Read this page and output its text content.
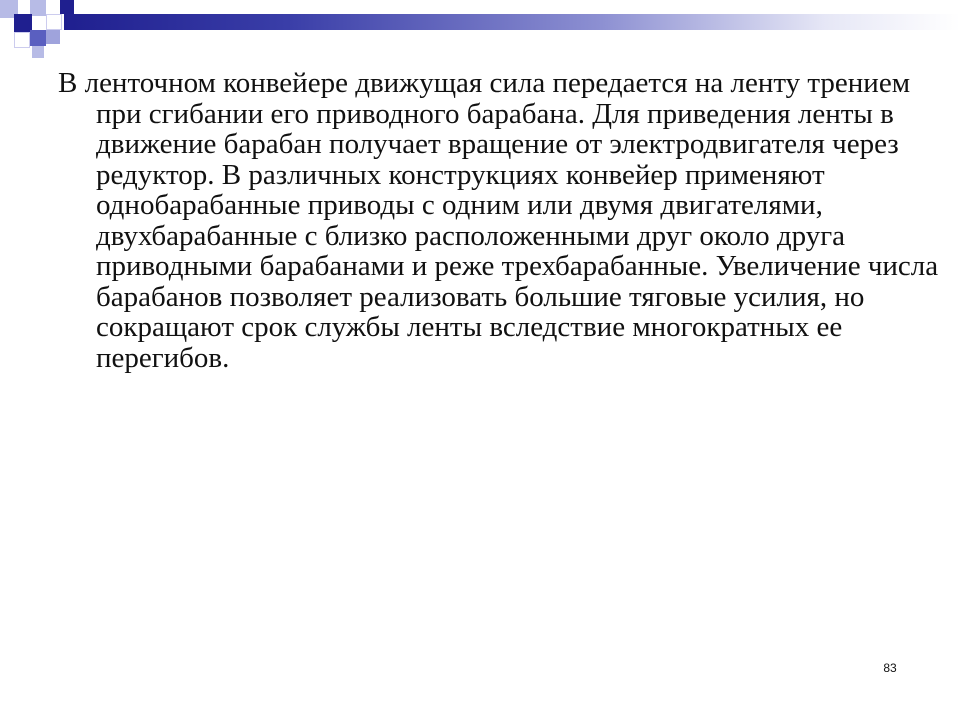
В ленточном конвейере движущая сила передается на ленту трением при сгибании его приводного барабана. Для приведения ленты в движение барабан получает вращение от электродвигателя через редуктор. В различных конструкциях конвейер применяют однобарабанные приводы с одним или двумя двигателями, двухбарабанные с близко расположенными друг около друга приводными барабанами и реже трехбарабанные. Увеличение числа барабанов позволяет реализовать большие тяговые усилия, но сокращают срок службы ленты вследствие многократных ее перегибов.

83
